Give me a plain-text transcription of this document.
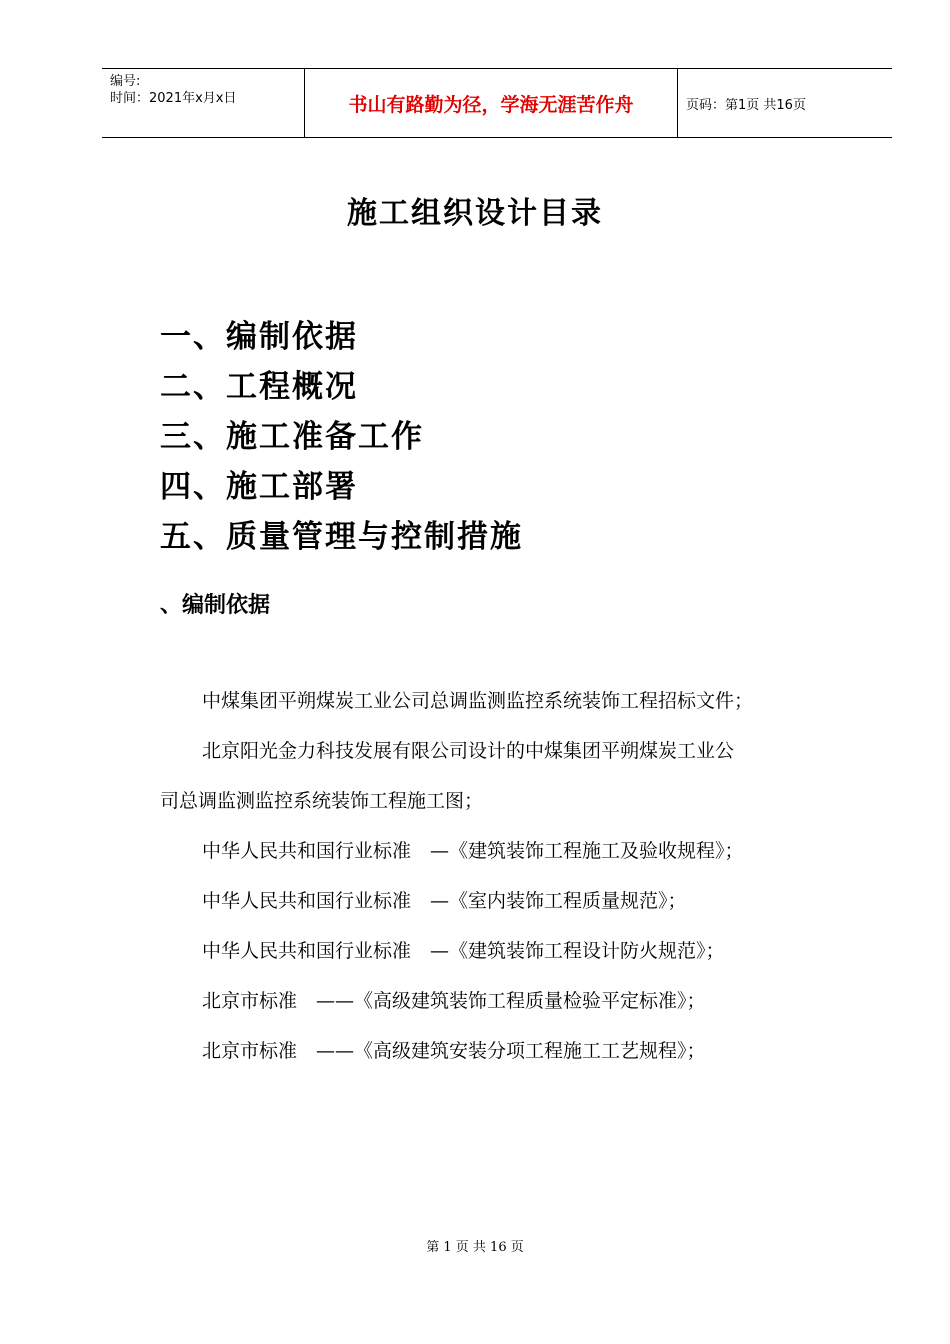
编号:
时间：2021年x月x日	书山有路勤为径，学海无涯苦作舟	页码：第1页 共16页
施工组织设计目录
一、编制依据
二、工程概况
三、施工准备工作
四、施工部署
五、质量管理与控制措施
、编制依据

中煤集团平朔煤炭工业公司总调监测监控系统装饰工程招标文件；

北京阳光金力科技发展有限公司设计的中煤集团平朔煤炭工业公

司总调监测监控系统装饰工程施工图；

中华人民共和国行业标准　—《建筑装饰工程施工及验收规程》；

中华人民共和国行业标准　—《室内装饰工程质量规范》；

中华人民共和国行业标准　—《建筑装饰工程设计防火规范》；

北京市标准　——《高级建筑装饰工程质量检验平定标准》；

北京市标准　——《高级建筑安装分项工程施工工艺规程》；

第 1 页 共 16 页
